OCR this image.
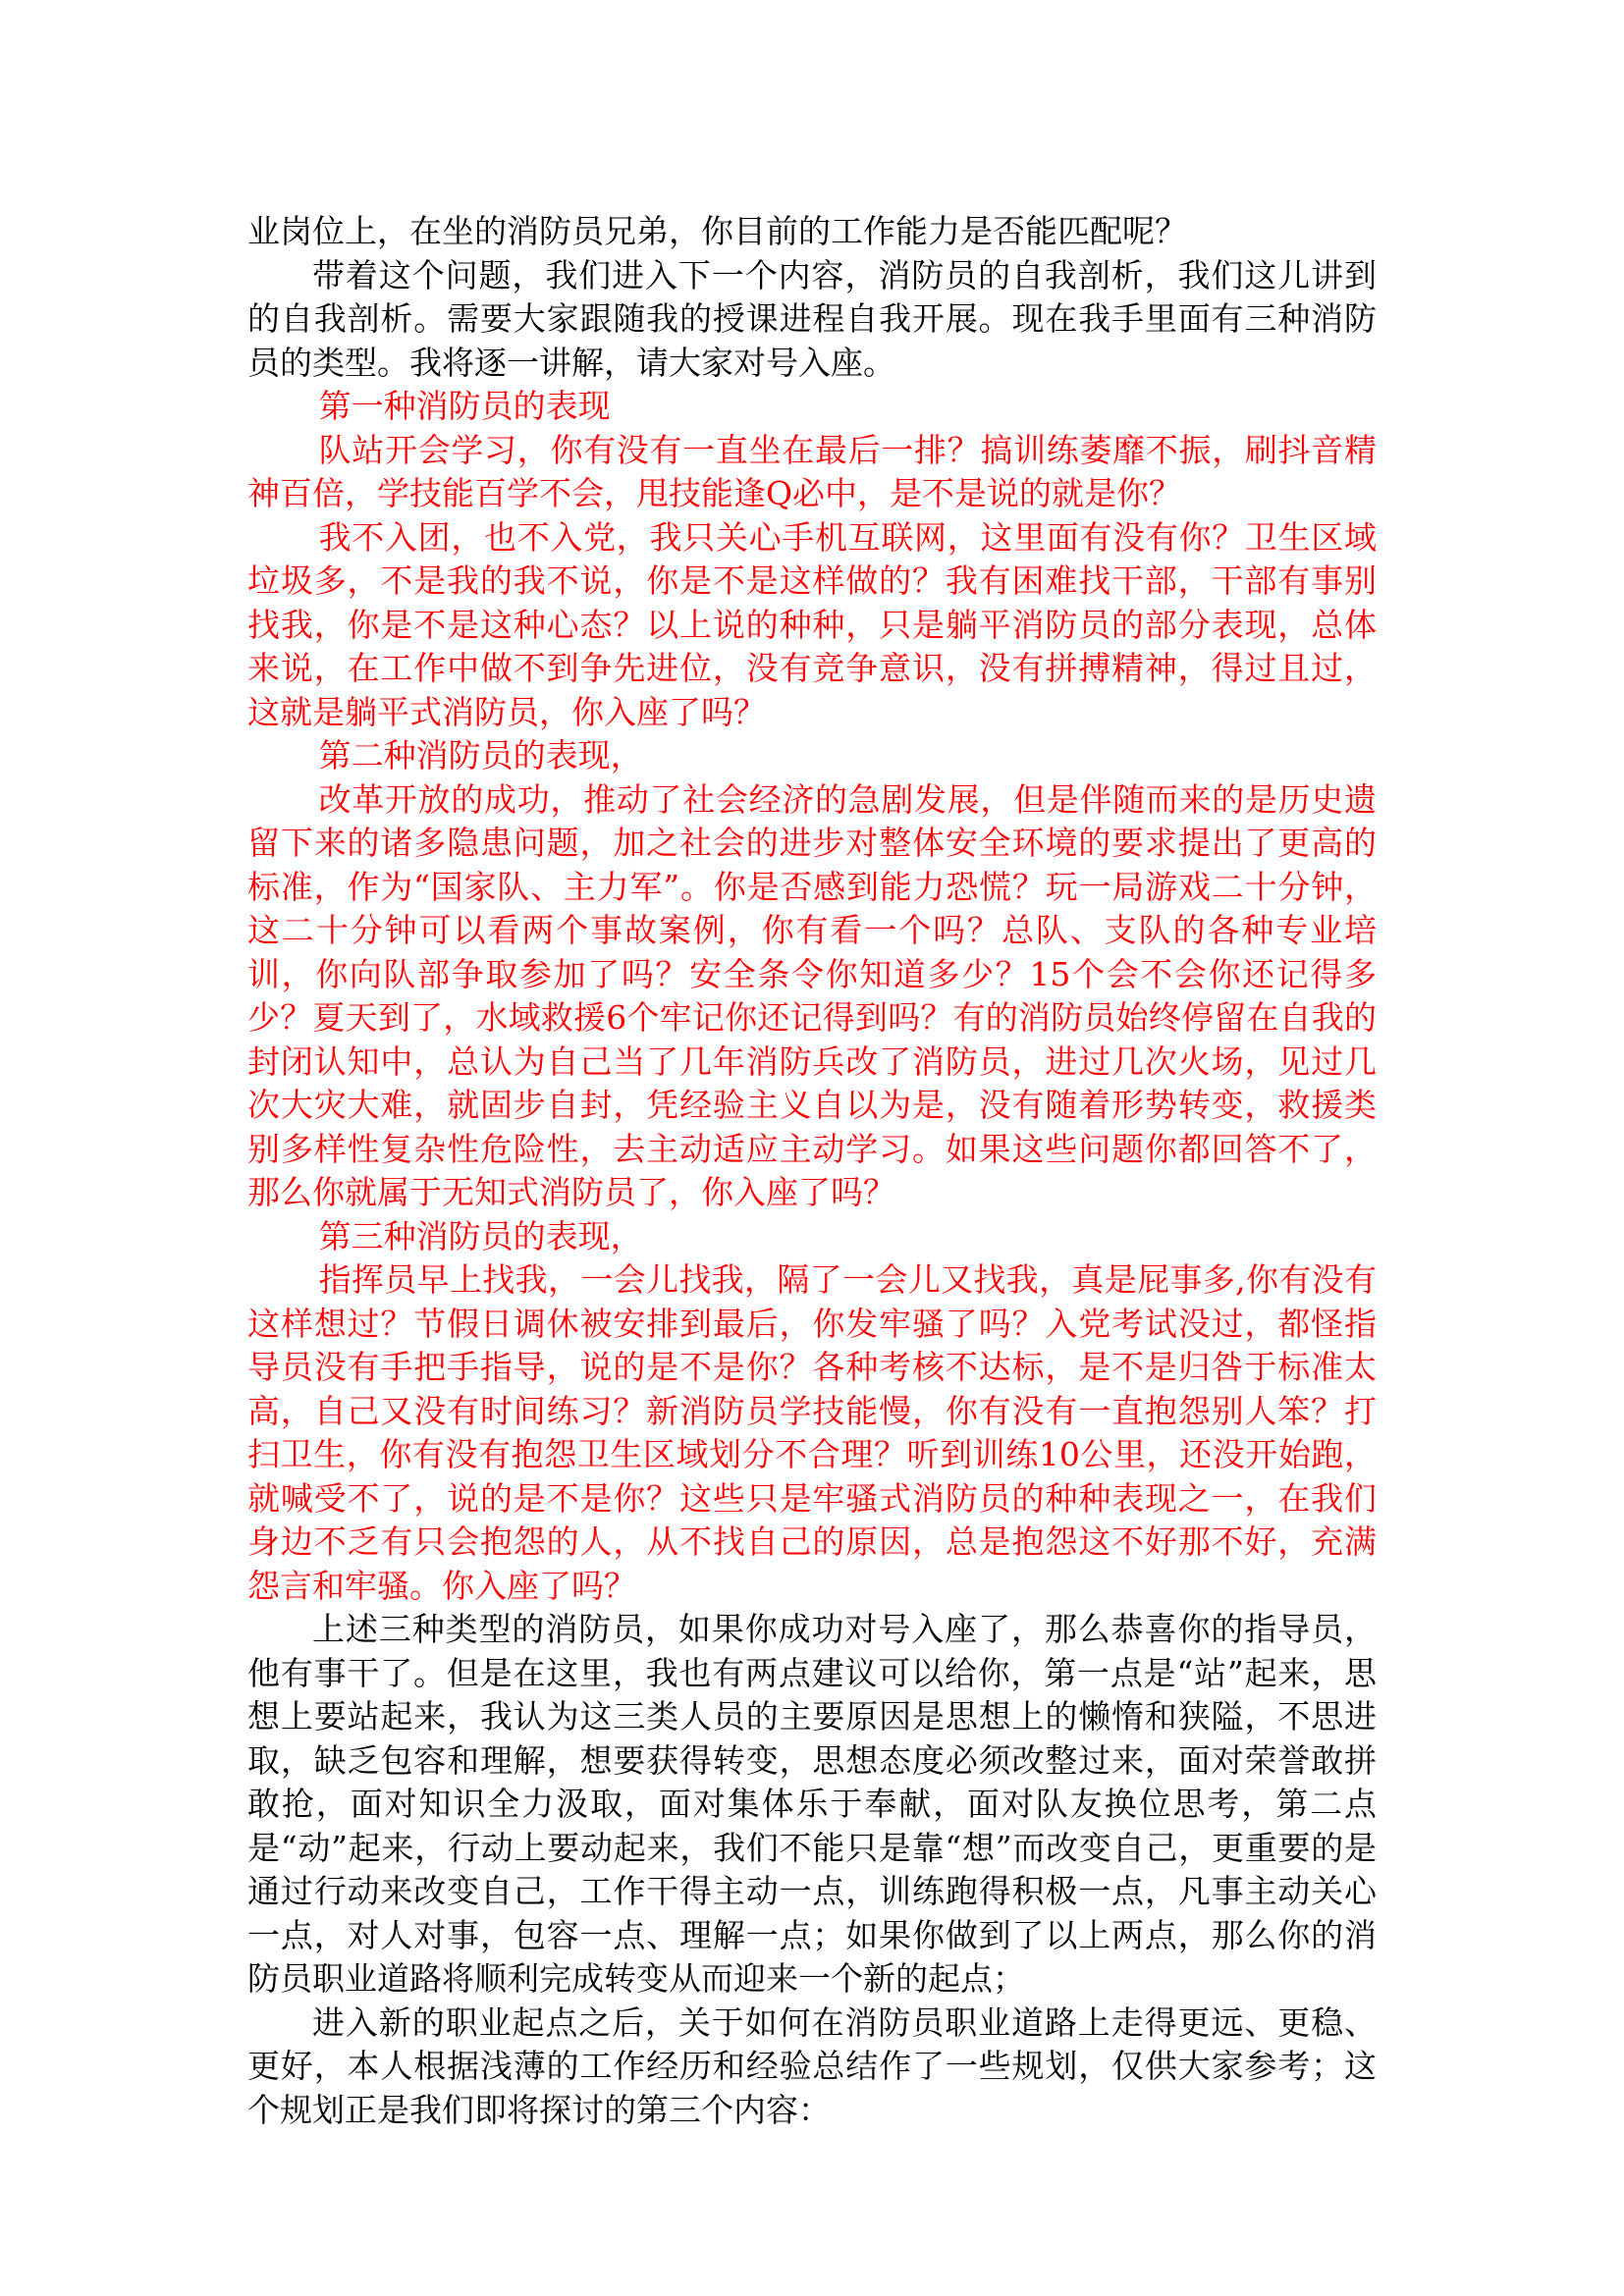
业岗位上，在坐的消防员兄弟，你目前的工作能力是否能匹配呢？

带着这个问题，我们进入下一个内容，消防员的自我剖析，我们这儿讲到的自我剖析。需要大家跟随我的授课进程自我开展。现在我手里面有三种消防员的类型。我将逐一讲解，请大家对号入座。

第一种消防员的表现

队站开会学习，你有没有一直坐在最后一排？搞训练萎靡不振，刷抖音精神百倍，学技能百学不会，甩技能逢Q必中，是不是说的就是你？

我不入团，也不入党，我只关心手机互联网，这里面有没有你？卫生区域垃圾多，不是我的我不说，你是不是这样做的？我有困难找干部，干部有事别找我，你是不是这种心态？以上说的种种，只是躺平消防员的部分表现，总体来说，在工作中做不到争先进位，没有竞争意识，没有拼搏精神，得过且过，这就是躺平式消防员，你入座了吗？

第二种消防员的表现，

改革开放的成功，推动了社会经济的急剧发展，但是伴随而来的是历史遗留下来的诸多隐患问题，加之社会的进步对整体安全环境的要求提出了更高的标准，作为“国家队、主力军”。你是否感到能力恐慌？玩一局游戏二十分钟，这二十分钟可以看两个事故案例，你有看一个吗？总队、支队的各种专业培训，你向队部争取参加了吗？安全条令你知道多少？15个会不会你还记得多少？夏天到了，水域救援6个牢记你还记得到吗？有的消防员始终停留在自我的封闭认知中，总认为自己当了几年消防兵改了消防员，进过几次火场，见过几次大灾大难，就固步自封，凭经验主义自以为是，没有随着形势转变，救援类别多样性复杂性危险性，去主动适应主动学习。如果这些问题你都回答不了，那么你就属于无知式消防员了，你入座了吗？

第三种消防员的表现，

指挥员早上找我，一会儿找我，隔了一会儿又找我，真是屁事多,你有没有这样想过？节假日调休被安排到最后，你发牢骚了吗？入党考试没过，都怪指导员没有手把手指导，说的是不是你？各种考核不达标，是不是归咎于标准太高，自己又没有时间练习？新消防员学技能慢，你有没有一直抱怨别人笨？打扫卫生，你有没有抱怨卫生区域划分不合理？听到训练10公里，还没开始跑，就喊受不了，说的是不是你？这些只是牢骚式消防员的种种表现之一，在我们身边不乏有只会抱怨的人，从不找自己的原因，总是抱怨这不好那不好，充满怨言和牢骚。你入座了吗？

上述三种类型的消防员，如果你成功对号入座了，那么恭喜你的指导员，他有事干了。但是在这里，我也有两点建议可以给你，第一点是“站”起来，思想上要站起来，我认为这三类人员的主要原因是思想上的懒惰和狭隘，不思进取，缺乏包容和理解，想要获得转变，思想态度必须改整过来，面对荣誉敢拼敢抢，面对知识全力汲取，面对集体乐于奉献，面对队友换位思考，第二点是“动”起来，行动上要动起来，我们不能只是靠“想”而改变自己，更重要的是通过行动来改变自己，工作干得主动一点，训练跑得积极一点，凡事主动关心一点，对人对事，包容一点、理解一点；如果你做到了以上两点，那么你的消防员职业道路将顺利完成转变从而迎来一个新的起点；

进入新的职业起点之后，关于如何在消防员职业道路上走得更远、更稳、更好，本人根据浅薄的工作经历和经验总结作了一些规划，仅供大家参考；这个规划正是我们即将探讨的第三个内容：
